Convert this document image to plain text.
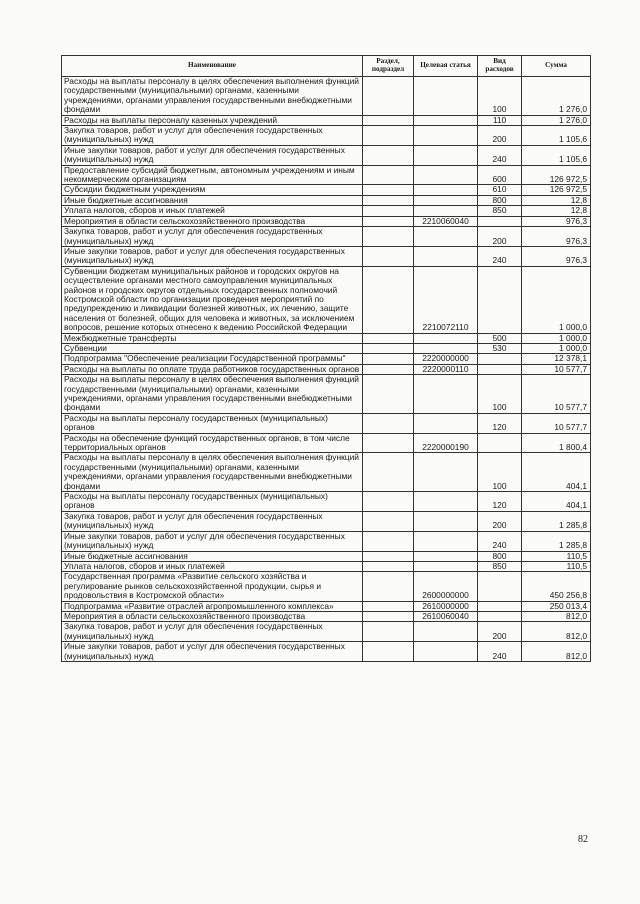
Наименование	Раздел, подраздел	Целевая статья	Вид расходов	Сумма
Расходы на выплаты персоналу в целях обеспечения выполнения функций государственными (муниципальными) органами, казенными учреждениями, органами управления государственными внебюджетными фондами			100	1 276,0
Расходы на выплаты персоналу казенных учреждений			110	1 276,0
Закупка товаров, работ и услуг для обеспечения государственных (муниципальных) нужд			200	1 105,6
Иные закупки товаров, работ и услуг для обеспечения государственных (муниципальных) нужд			240	1 105,6
Предоставление субсидий бюджетным, автономным учреждениям и иным некоммерческим организациям			600	126 972,5
Субсидии бюджетным учреждениям			610	126 972,5
Иные бюджетные ассигнования			800	12,8
Уплата налогов, сборов и иных платежей			850	12,8
Мероприятия в области сельскохозяйственного производства		2210060040		976,3
Закупка товаров, работ и услуг для обеспечения государственных (муниципальных) нужд			200	976,3
Иные закупки товаров, работ и услуг для обеспечения государственных (муниципальных) нужд			240	976,3
Субвенции бюджетам муниципальных районов и городских округов на осуществление органами местного самоуправления муниципальных районов и городских округов отдельных государственных полномочий Костромской области по организации проведения мероприятий по предупреждению и ликвидации болезней животных, их лечению, защите населения от болезней, общих для человека и животных, за исключением вопросов, решение которых отнесено к ведению Российской Федерации		2210072110		1 000,0
Межбюджетные трансферты			500	1 000,0
Субвенции			530	1 000,0
Подпрограмма "Обеспечение реализации Государственной программы"		2220000000		12 378,1
Расходы на выплаты по оплате труда работников государственных органов		2220000110		10 577,7
Расходы на выплаты персоналу в целях обеспечения выполнения функций государственными (муниципальными) органами, казенными учреждениями, органами управления государственными внебюджетными фондами			100	10 577,7
Расходы на выплаты персоналу государственных (муниципальных) органов			120	10 577,7
Расходы на обеспечение функций государственных органов, в том числе территориальных органов		2220000190		1 800,4
Расходы на выплаты персоналу в целях обеспечения выполнения функций государственными (муниципальными) органами, казенными учреждениями, органами управления государственными внебюджетными фондами			100	404,1
Расходы на выплаты персоналу государственных (муниципальных) органов			120	404,1
Закупка товаров, работ и услуг для обеспечения государственных (муниципальных) нужд			200	1 285,8
Иные закупки товаров, работ и услуг для обеспечения государственных (муниципальных) нужд			240	1 285,8
Иные бюджетные ассигнования			800	110,5
Уплата налогов, сборов и иных платежей			850	110,5
Государственная программа «Развитие сельского хозяйства и регулирование рынков сельскохозяйственной продукции, сырья и продовольствия в Костромской области»		2600000000		450 256,8
Подпрограмма «Развитие отраслей агропромышленного комплекса»		2610000000		250 013,4
Мероприятия в области сельскохозяйственного производства		2610060040		812,0
Закупка товаров, работ и услуг для обеспечения государственных (муниципальных) нужд			200	812,0
Иные закупки товаров, работ и услуг для обеспечения государственных (муниципальных) нужд			240	812,0
82
